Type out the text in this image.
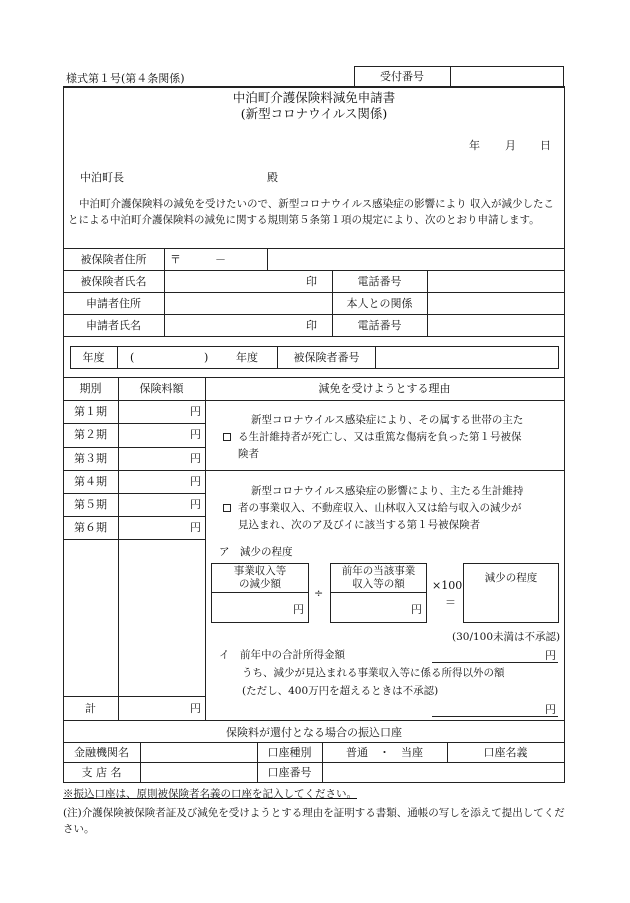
様式第１号(第４条関係)	受付番号
中泊町介護保険料減免申請書
(新型コロナウイルス関係)
年 月 日
中泊町長	殿
中泊町介護保険料の減免を受けたいので、新型コロナウイルス感染症の影響により 収入が減少したことによる中泊町介護保険料の減免に関する規則第５条第１項の規定により、次のとおり申請します。
被保険者住所	〒	－
被保険者氏名	印	電話番号
申請者住所	本人との関係
申請者氏名	印	電話番号
年度	(	)	年度	被保険者番号
期別	保険料額	減免を受けようとする理由
第１期	円
第２期	円
第３期	円
第４期	円
第５期	円
第６期	円
計	円
新型コロナウイルス感染症により、その属する世帯の主た
る生計維持者が死亡し、又は重篤な傷病を負った第１号被保
険者
新型コロナウイルス感染症の影響により、主たる生計維持
者の事業収入、不動産収入、山林収入又は給与収入の減少が
見込まれ、次のア及びイに該当する第１号被保険者
ア　減少の程度
事業収入等
の減少額
円
÷
前年の当該事業
収入等の額
円
×100
＝
減少の程度
(30/100未満は不承認)
イ　前年中の合計所得金額	円
うち、減少が見込まれる事業収入等に係る所得以外の額
(ただし、400万円を超えるときは不承認)
円
保険料が還付となる場合の振込口座
金融機関名	口座種別	普通　・　当座	口座名義
支 店 名	口座番号
※振込口座は、原則被保険者名義の口座を記入してください。
(注)介護保険被保険者証及び減免を受けようとする理由を証明する書類、通帳の写しを添えて提出してください。
